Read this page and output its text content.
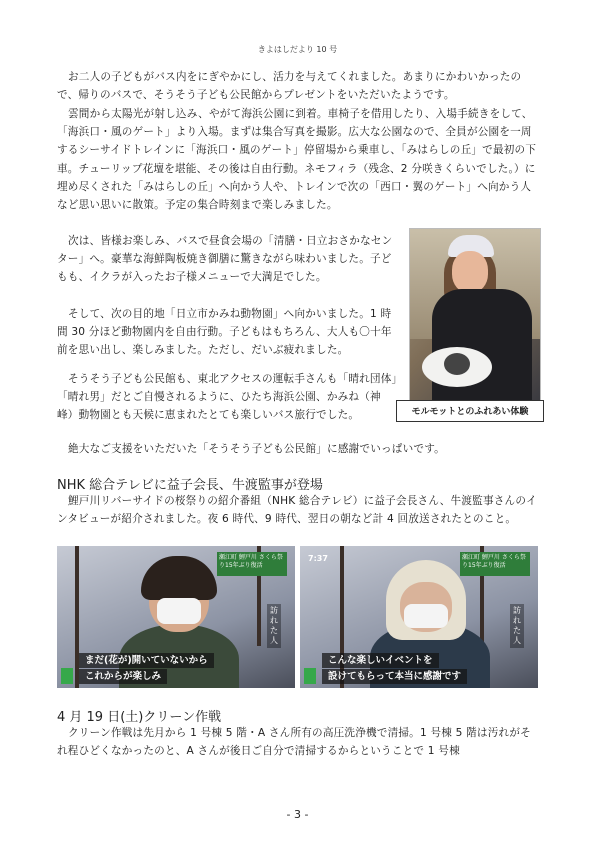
きよはしだより 10 号

お二人の子どもがバス内をにぎやかにし、活力を与えてくれました。あまりにかわいかったので、帰りのバスで、そうそう子ども公民館からプレゼントをいただいたようです。

雲間から太陽光が射し込み、やがて海浜公園に到着。車椅子を借用したり、入場手続きをして、「海浜口・風のゲート」より入場。まずは集合写真を撮影。広大な公園なので、全員が公園を一周するシーサイドトレインに「海浜口・風のゲート」停留場から乗車し、「みはらしの丘」で最初の下車。チューリップ花壇を堪能、その後は自由行動。ネモフィラ（残念、2 分咲きくらいでした。）に埋め尽くされた「みはらしの丘」へ向かう人や、トレインで次の「西口・翼のゲート」へ向かう人など思い思いに散策。予定の集合時刻まで楽しみました。

次は、皆様お楽しみ、バスで昼食会場の「清膳・日立おさかなセンター」へ。豪華な海鮮陶板焼き御膳に驚きながら味わいました。子どもも、イクラが入ったお子様メニューで大満足でした。

そして、次の目的地「日立市かみね動物園」へ向かいました。1 時間 30 分ほど動物園内を自由行動。子どもはもちろん、大人も〇十年前を思い出し、楽しみました。ただし、だいぶ疲れました。

モルモットとのふれあい体験

そうそう子ども公民館も、東北アクセスの運転手さんも「晴れ団体」「晴れ男」だとご自慢されるように、ひたち海浜公園、かみね（神峰）動物園とも天候に恵まれたとても楽しいバス旅行でした。

絶大なご支援をいただいた「そうそう子ども公民館」に感謝でいっぱいです。

NHK 総合テレビに益子会長、牛渡監事が登場

鯉戸川リバーサイドの桜祭りの紹介番組（NHK 総合テレビ）に益子会長さん、牛渡監事さんのインタビューが紹介されました。夜 6 時代、9 時代、翌日の朝など計 4 回放送されたとのこと。

瀬江町 鯉戸川 さくら祭り15年ぶり復活
訪れた人
まだ(花が)開いていないから
これからが楽しみ
7:37	瀬江町 鯉戸川 さくら祭り15年ぶり復活
訪れた人
こんな楽しいイベントを
設けてもらって本当に感謝です
4 月 19 日(土)クリーン作戦

クリーン作戦は先月から 1 号棟 5 階・A さん所有の高圧洗浄機で清掃。1 号棟 5 階は汚れがそれ程ひどくなかったのと、A さんが後日ご自分で清掃するからということで 1 号棟

- 3 -
